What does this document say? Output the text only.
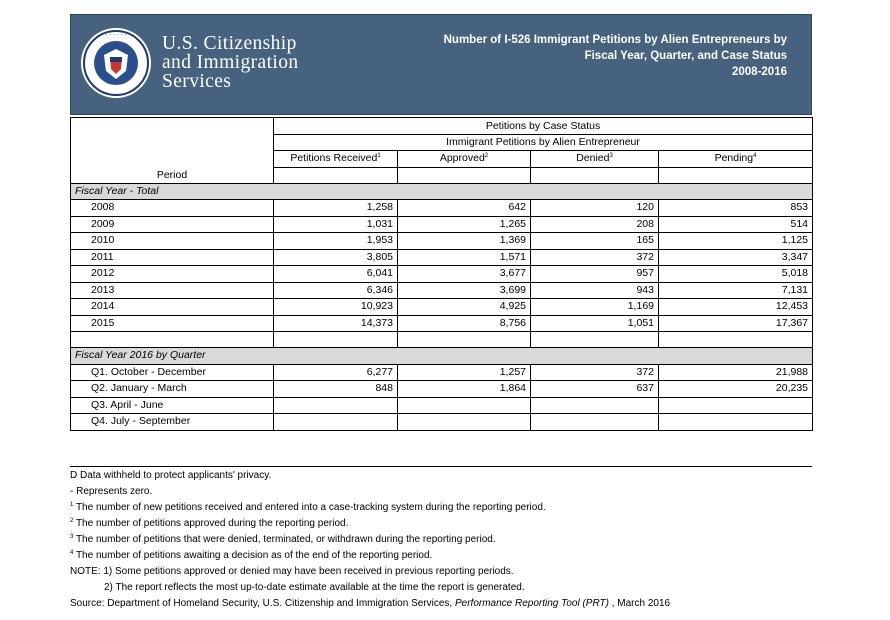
· · · · · · U.S. Citizenship
and Immigration
Services
Number of I-526 Immigrant Petitions by Alien Entrepreneurs by
Fiscal Year, Quarter, and Case Status
2008-2016
Period	Petitions by Case Status			
	Immigrant Petitions by Alien Entrepreneur			
	Petitions Received$^1$	Approved$^2$	Denied$^3$	Pending$^4$

Fiscal Year - Total				
2008	1,258	642	120	853
2009	1,031	1,265	208	514
2010	1,953	1,369	165	1,125
2011	3,805	1,571	372	3,347
2012	6,041	3,677	957	5,018
2013	6,346	3,699	943	7,131
2014	10,923	4,925	1,169	12,453
2015	14,373	8,756	1,051	17,367

Fiscal Year 2016 by Quarter				
Q1. October - December	6,277	1,257	372	21,988
Q2. January - March	848	1,864	637	20,235
Q3. April - June				
Q4. July - September				
D Data withheld to protect applicants' privacy.
- Represents zero.
$^1$ The number of new petitions received and entered into a case-tracking system during the reporting period.
$^2$ The number of petitions approved during the reporting period.
$^3$ The number of petitions that were denied, terminated, or withdrawn during the reporting period.
$^4$ The number of petitions awaiting a decision as of the end of the reporting period.
NOTE: 1) Some petitions approved or denied may have been received in previous reporting periods.
2) The report reflects the most up-to-date estimate available at the time the report is generated.
Source: Department of Homeland Security, U.S. Citizenship and Immigration Services, Performance Reporting Tool (PRT) , March 2016
